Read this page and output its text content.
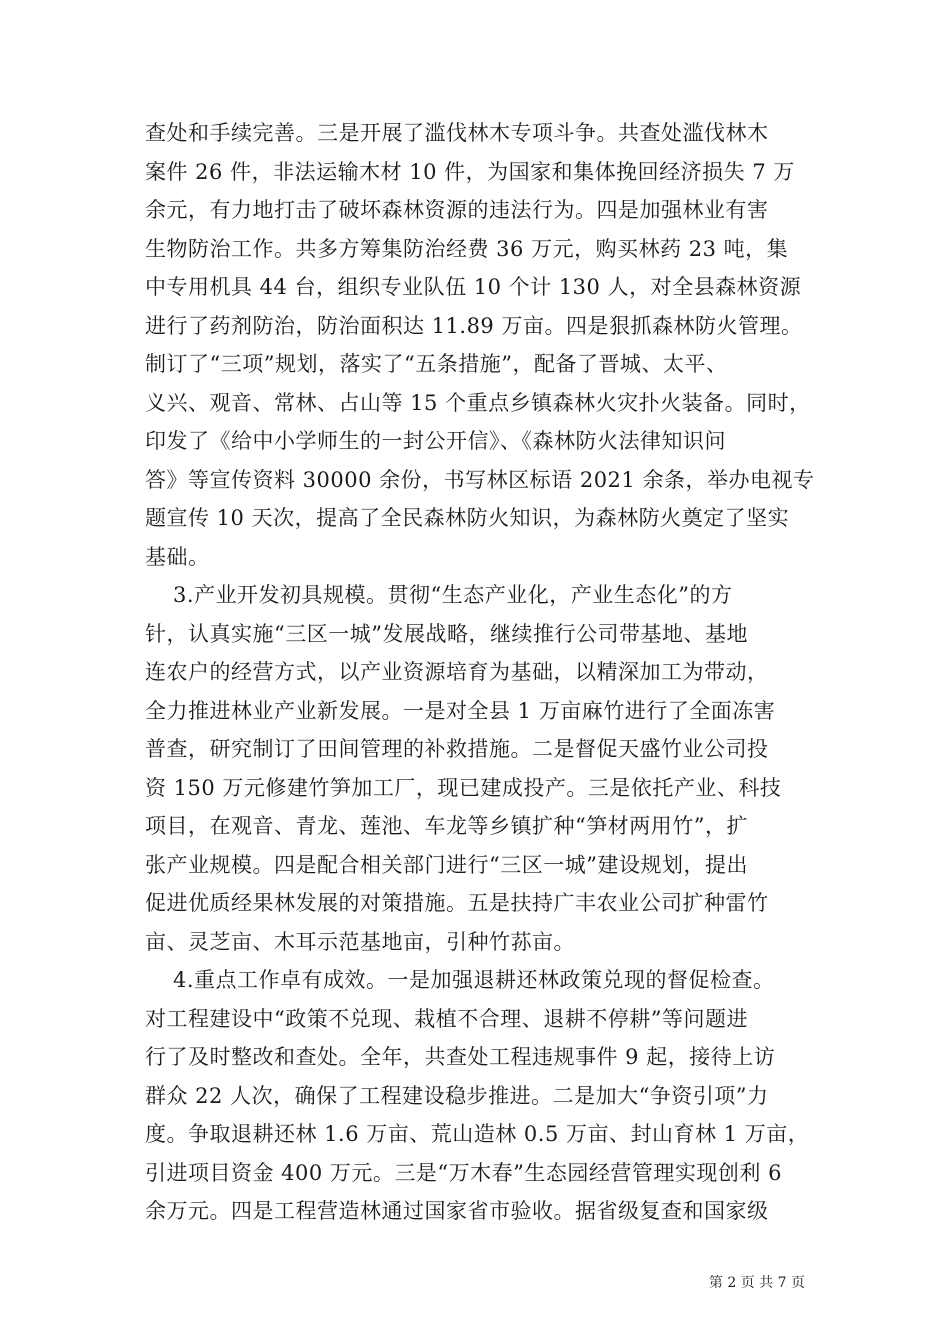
查处和手续完善。三是开展了滥伐林木专项斗争。共查处滥伐林木
案件 26 件，非法运输木材 10 件，为国家和集体挽回经济损失 7 万
余元，有力地打击了破坏森林资源的违法行为。四是加强林业有害
生物防治工作。共多方筹集防治经费 36 万元，购买林药 23 吨，集
中专用机具 44 台，组织专业队伍 10 个计 130 人，对全县森林资源
进行了药剂防治，防治面积达 11.89 万亩。四是狠抓森林防火管理。
制订了“三项”规划，落实了“五条措施”，配备了晋城、太平、
义兴、观音、常林、占山等 15 个重点乡镇森林火灾扑火装备。同时，
印发了《给中小学师生的一封公开信》、《森林防火法律知识问
答》等宣传资料 30000 余份，书写林区标语 2021 余条，举办电视专
题宣传 10 天次，提高了全民森林防火知识，为森林防火奠定了坚实
基础。
3.产业开发初具规模。贯彻“生态产业化，产业生态化”的方
针，认真实施“三区一城”发展战略，继续推行公司带基地、基地
连农户的经营方式，以产业资源培育为基础，以精深加工为带动，
全力推进林业产业新发展。一是对全县 1 万亩麻竹进行了全面冻害
普查，研究制订了田间管理的补救措施。二是督促天盛竹业公司投
资 150 万元修建竹笋加工厂，现已建成投产。三是依托产业、科技
项目，在观音、青龙、莲池、车龙等乡镇扩种“笋材两用竹”，扩
张产业规模。四是配合相关部门进行“三区一城”建设规划，提出
促进优质经果林发展的对策措施。五是扶持广丰农业公司扩种雷竹
亩、灵芝亩、木耳示范基地亩，引种竹荪亩。
4.重点工作卓有成效。一是加强退耕还林政策兑现的督促检查。
对工程建设中“政策不兑现、栽植不合理、退耕不停耕”等问题进
行了及时整改和查处。全年，共查处工程违规事件 9 起，接待上访
群众 22 人次，确保了工程建设稳步推进。二是加大“争资引项”力
度。争取退耕还林 1.6 万亩、荒山造林 0.5 万亩、封山育林 1 万亩，
引进项目资金 400 万元。三是“万木春”生态园经营管理实现创利 6
余万元。四是工程营造林通过国家省市验收。据省级复查和国家级
第 2 页 共 7 页
